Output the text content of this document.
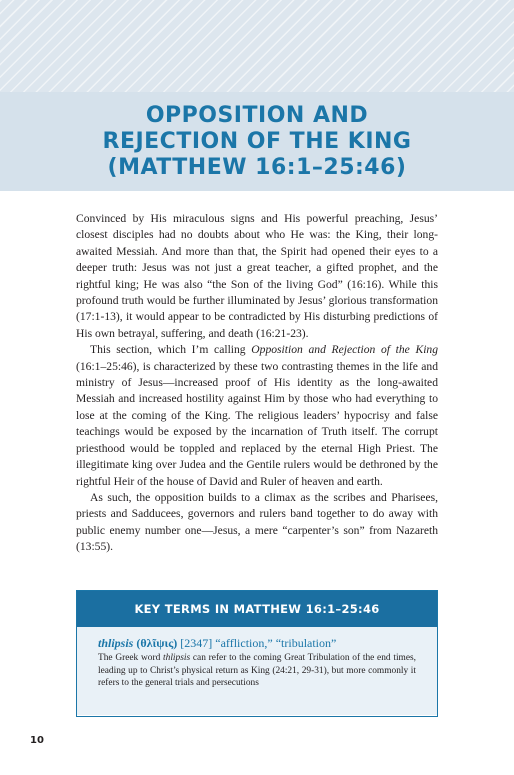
OPPOSITION AND
REJECTION OF THE KING
(MATTHEW 16:1–25:46)

Convinced by His miraculous signs and His powerful preaching, Jesus’ closest disciples had no doubts about who He was: the King, their long-awaited Messiah. And more than that, the Spirit had opened their eyes to a deeper truth: Jesus was not just a great teacher, a gifted prophet, and the rightful king; He was also “the Son of the living God” (16:16). While this profound truth would be further illuminated by Jesus’ glorious transformation (17:1-13), it would appear to be contradicted by His disturbing predictions of His own betrayal, suffering, and death (16:21-23).

This section, which I’m calling Opposition and Rejection of the King (16:1–25:46), is characterized by these two contrasting themes in the life and ministry of Jesus—increased proof of His identity as the long-awaited Messiah and increased hostility against Him by those who had everything to lose at the coming of the King. The religious leaders’ hypocrisy and false teachings would be exposed by the incarnation of Truth itself. The corrupt priesthood would be toppled and replaced by the eternal High Priest. The illegitimate king over Judea and the Gentile rulers would be dethroned by the rightful Heir of the house of David and Ruler of heaven and earth.

As such, the opposition builds to a climax as the scribes and Pharisees, priests and Sadducees, governors and rulers band together to do away with public enemy number one—Jesus, a mere “carpenter’s son” from Nazareth (13:55).

KEY TERMS IN MATTHEW 16:1–25:46

thlipsis (θλῖψις) [2347] “affliction,” “tribulation”

The Greek word thlipsis can refer to the coming Great Tribulation of the end times, leading up to Christ’s physical return as King (24:21, 29-31), but more commonly it refers to the general trials and persecutions

10
